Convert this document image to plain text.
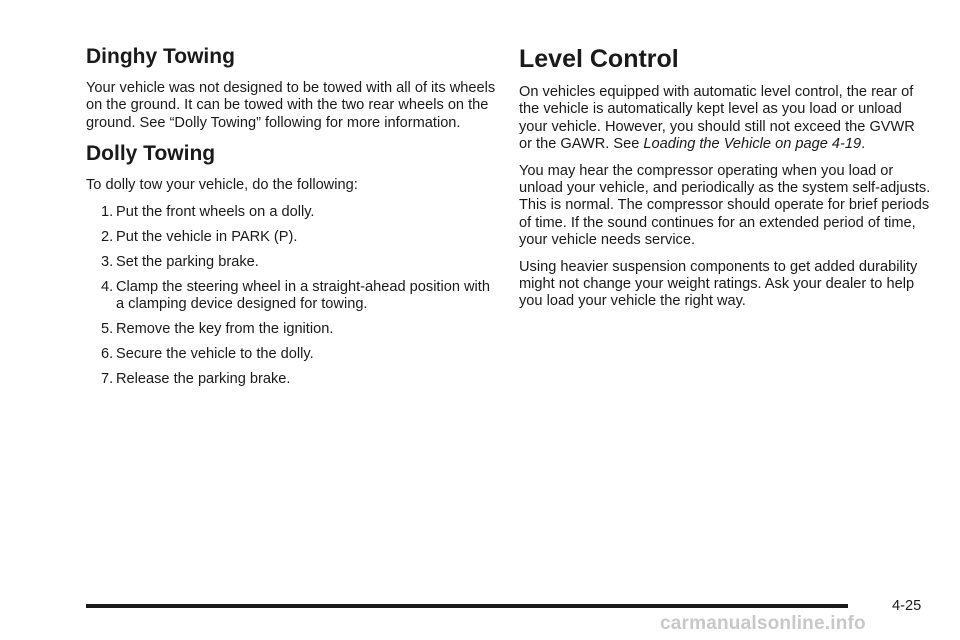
Dinghy Towing

Your vehicle was not designed to be towed with all of its wheels on the ground. It can be towed with the two rear wheels on the ground. See “Dolly Towing” following for more information.

Dolly Towing

To dolly tow your vehicle, do the following:

1. Put the front wheels on a dolly.
2. Put the vehicle in PARK (P).
3. Set the parking brake.
4. Clamp the steering wheel in a straight-ahead position with a clamping device designed for towing.
5. Remove the key from the ignition.
6. Secure the vehicle to the dolly.
7. Release the parking brake.
Level Control

On vehicles equipped with automatic level control, the rear of the vehicle is automatically kept level as you load or unload your vehicle. However, you should still not exceed the GVWR or the GAWR. See Loading the Vehicle on page 4-19.

You may hear the compressor operating when you load or unload your vehicle, and periodically as the system self-adjusts. This is normal. The compressor should operate for brief periods of time. If the sound continues for an extended period of time, your vehicle needs service.

Using heavier suspension components to get added durability might not change your weight ratings. Ask your dealer to help you load your vehicle the right way.

4-25
carmanualsonline.info
